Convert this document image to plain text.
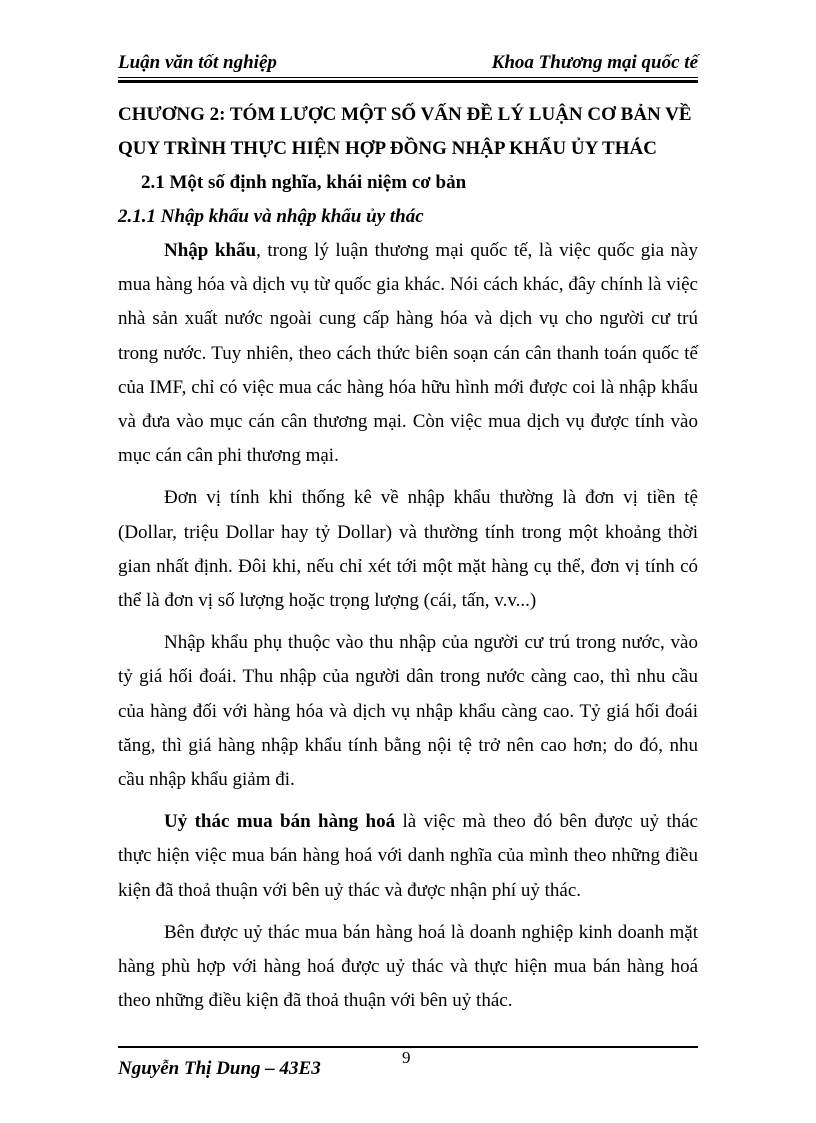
Luận văn tốt nghiệp	Khoa Thương mại quốc tế
CHƯƠNG 2: TÓM LƯỢC MỘT SỐ VẤN ĐỀ LÝ LUẬN CƠ BẢN VỀ
QUY TRÌNH THỰC HIỆN HỢP ĐỒNG NHẬP KHẨU ỦY THÁC
2.1 Một số định nghĩa, khái niệm cơ bản
2.1.1 Nhập khẩu và nhập khẩu ủy thác

Nhập khẩu, trong lý luận thương mại quốc tế, là việc quốc gia này mua hàng hóa và dịch vụ từ quốc gia khác. Nói cách khác, đây chính là việc nhà sản xuất nước ngoài cung cấp hàng hóa và dịch vụ cho người cư trú trong nước. Tuy nhiên, theo cách thức biên soạn cán cân thanh toán quốc tế của IMF, chỉ có việc mua các hàng hóa hữu hình mới được coi là nhập khẩu và đưa vào mục cán cân thương mại. Còn việc mua dịch vụ được tính vào mục cán cân phi thương mại.

Đơn vị tính khi thống kê về nhập khẩu thường là đơn vị tiền tệ (Dollar, triệu Dollar hay tỷ Dollar) và thường tính trong một khoảng thời gian nhất định. Đôi khi, nếu chỉ xét tới một mặt hàng cụ thể, đơn vị tính có thể là đơn vị số lượng hoặc trọng lượng (cái, tấn, v.v...)

Nhập khẩu phụ thuộc vào thu nhập của người cư trú trong nước, vào tỷ giá hối đoái. Thu nhập của người dân trong nước càng cao, thì nhu cầu của hàng đối với hàng hóa và dịch vụ nhập khẩu càng cao. Tỷ giá hối đoái tăng, thì giá hàng nhập khẩu tính bằng nội tệ trở nên cao hơn; do đó, nhu cầu nhập khẩu giảm đi.

Uỷ thác mua bán hàng hoá là việc mà theo đó bên được uỷ thác thực hiện việc mua bán hàng hoá với danh nghĩa của mình theo những điều kiện đã thoả thuận với bên uỷ thác và được nhận phí uỷ thác.

Bên được uỷ thác mua bán hàng hoá là doanh nghiệp kinh doanh mặt hàng phù hợp với hàng hoá được uỷ thác và thực hiện mua bán hàng hoá theo những điều kiện đã thoả thuận với bên uỷ thác.

9
Nguyễn Thị Dung – 43E3
